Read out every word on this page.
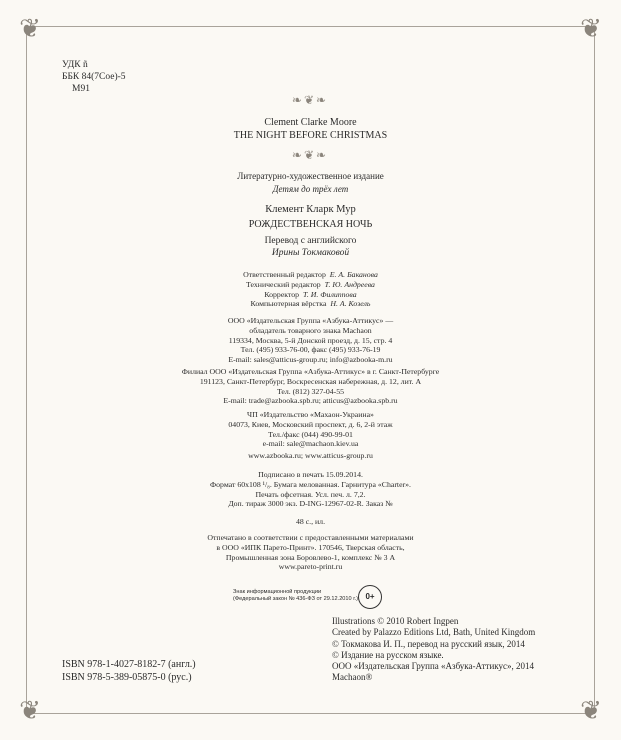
❦	❦
❦	❦
УДК ñ
ББК 84(7Сое)-5
М91
❧❦❧
Clement Clarke Moore
THE NIGHT BEFORE CHRISTMAS
❧❦❧
Литературно-художественное издание
Детям до трёх лет
Клемент Кларк Мур
РОЖДЕСТВЕНСКАЯ НОЧЬ
Перевод с английского
Ирины Токмаковой
Ответственный редактор Е. А. Баканова
Технический редактор Т. Ю. Андреева
Корректор Т. И. Филиппова
Компьютерная вёрстка Н. А. Козель
ООО «Издательская Группа «Азбука-Аттикус» —
обладатель товарного знака Machaon
119334, Москва, 5-й Донской проезд, д. 15, стр. 4
Тел. (495) 933-76-00, факс (495) 933-76-19
E-mail: sales@atticus-group.ru; info@azbooka-m.ru
Филиал ООО «Издательская Группа «Азбука-Аттикус» в г. Санкт-Петербурге
191123, Санкт-Петербург, Воскресенская набережная, д. 12, лит. А
Тел. (812) 327-04-55
E-mail: trade@azbooka.spb.ru; atticus@azbooka.spb.ru
ЧП «Издательство «Махаон-Украина»
04073, Киев, Московский проспект, д. 6, 2-й этаж
Тел./факс (044) 490-99-01
e-mail: sale@machaon.kiev.ua
www.azbooka.ru; www.atticus-group.ru
Подписано в печать 15.09.2014.
Формат 60x108 ¹/₈. Бумага мелованная. Гарнитура «Charter».
Печать офсетная. Усл. печ. л. 7,2.
Доп. тираж 3000 экз. D-ING-12967-02-R. Заказ №
48 с., ил.
Отпечатано в соответствии с предоставленными материалами
в ООО «ИПК Парето-Принт». 170546, Тверская область,
Промышленная зона Боровлево-1, комплекс № 3 А
www.pareto-print.ru
Знак информационной продукции
(Федеральный закон № 436-ФЗ от 29.12.2010 г.) 0+
ISBN 978-1-4027-8182-7 (англ.)
ISBN 978-5-389-05875-0 (рус.)
Illustrations © 2010 Robert Ingpen
Created by Palazzo Editions Ltd, Bath, United Kingdom
© Токмакова И. П., перевод на русский язык, 2014
© Издание на русском языке.
ООО «Издательская Группа «Азбука-Аттикус», 2014
Machaon®
